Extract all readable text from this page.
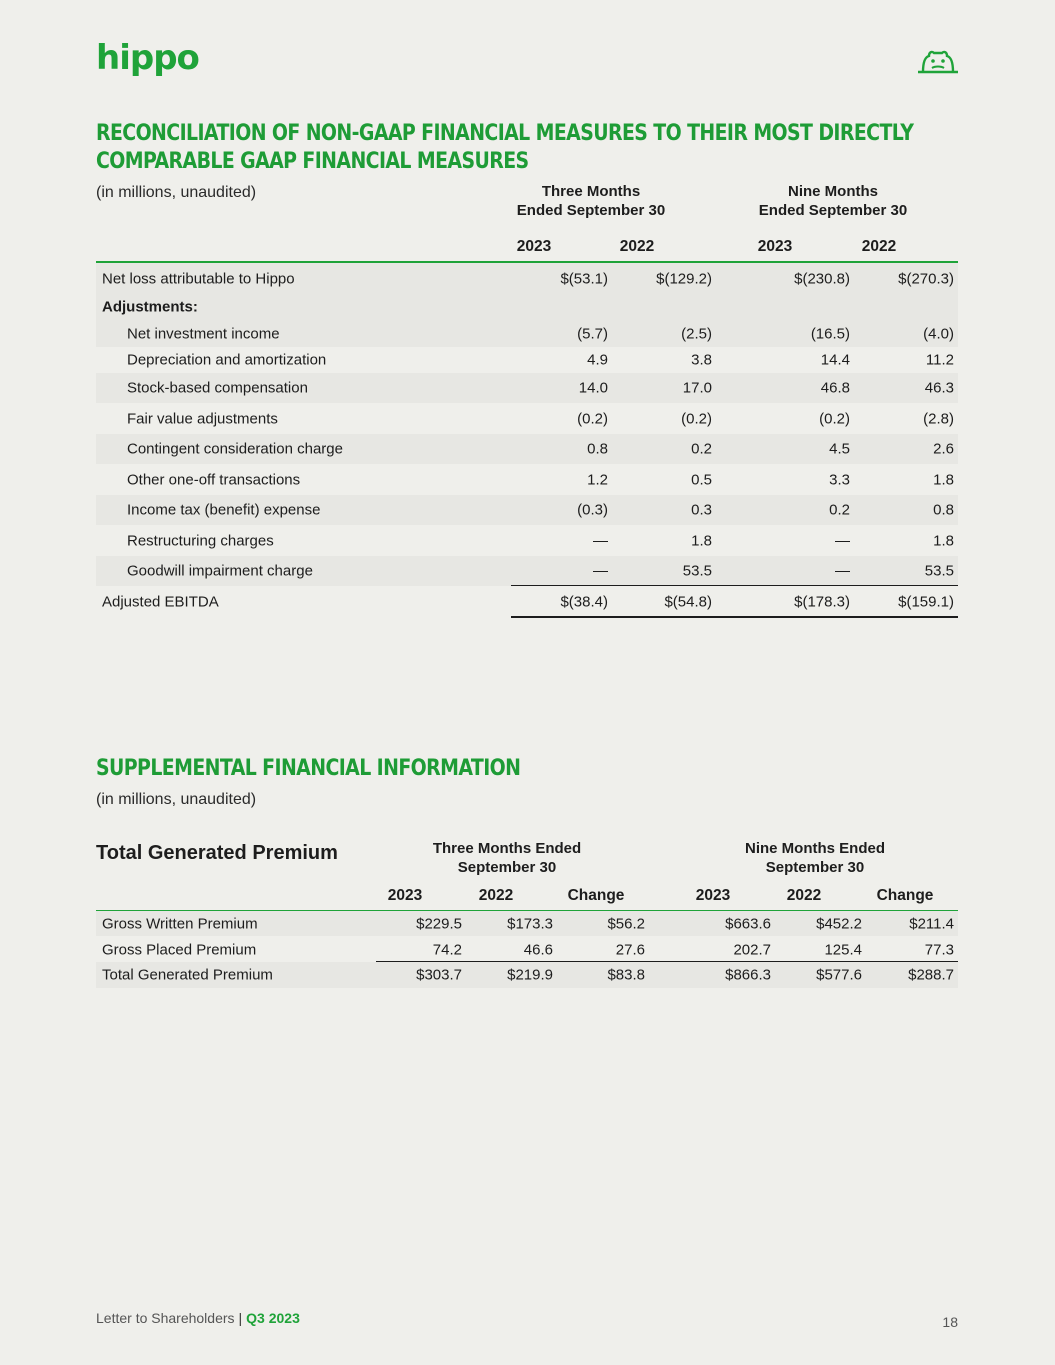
hippo
RECONCILIATION OF NON-GAAP FINANCIAL MEASURES TO THEIR MOST DIRECTLY
COMPARABLE GAAP FINANCIAL MEASURES
(in millions, unaudited)	Three Months
Ended September 30
Nine Months
Ended September 30
2023	2022	2023	2022
Net loss attributable to Hippo	$(53.1)	$(129.2)	$(230.8)	$(270.3)
Adjustments:
Net investment income	(5.7)	(2.5)	(16.5)	(4.0)
Depreciation and amortization	4.9	3.8	14.4	11.2
Stock-based compensation	14.0	17.0	46.8	46.3
Fair value adjustments	(0.2)	(0.2)	(0.2)	(2.8)
Contingent consideration charge	0.8	0.2	4.5	2.6
Other one-off transactions	1.2	0.5	3.3	1.8
Income tax (benefit) expense	(0.3)	0.3	0.2	0.8
Restructuring charges	—	1.8	—	1.8
Goodwill impairment charge	—	53.5	—	53.5
Adjusted EBITDA	$(38.4)	$(54.8)	$(178.3)	$(159.1)
SUPPLEMENTAL FINANCIAL INFORMATION
(in millions, unaudited)
Total Generated Premium	Three Months Ended
September 30
Nine Months Ended
September 30
2023	2022	Change	2023	2022	Change
Gross Written Premium	$229.5	$173.3	$56.2	$663.6	$452.2	$211.4
Gross Placed Premium	74.2	46.6	27.6	202.7	125.4	77.3
Total Generated Premium	$303.7	$219.9	$83.8	$866.3	$577.6	$288.7
Letter to Shareholders | Q3 2023	18
